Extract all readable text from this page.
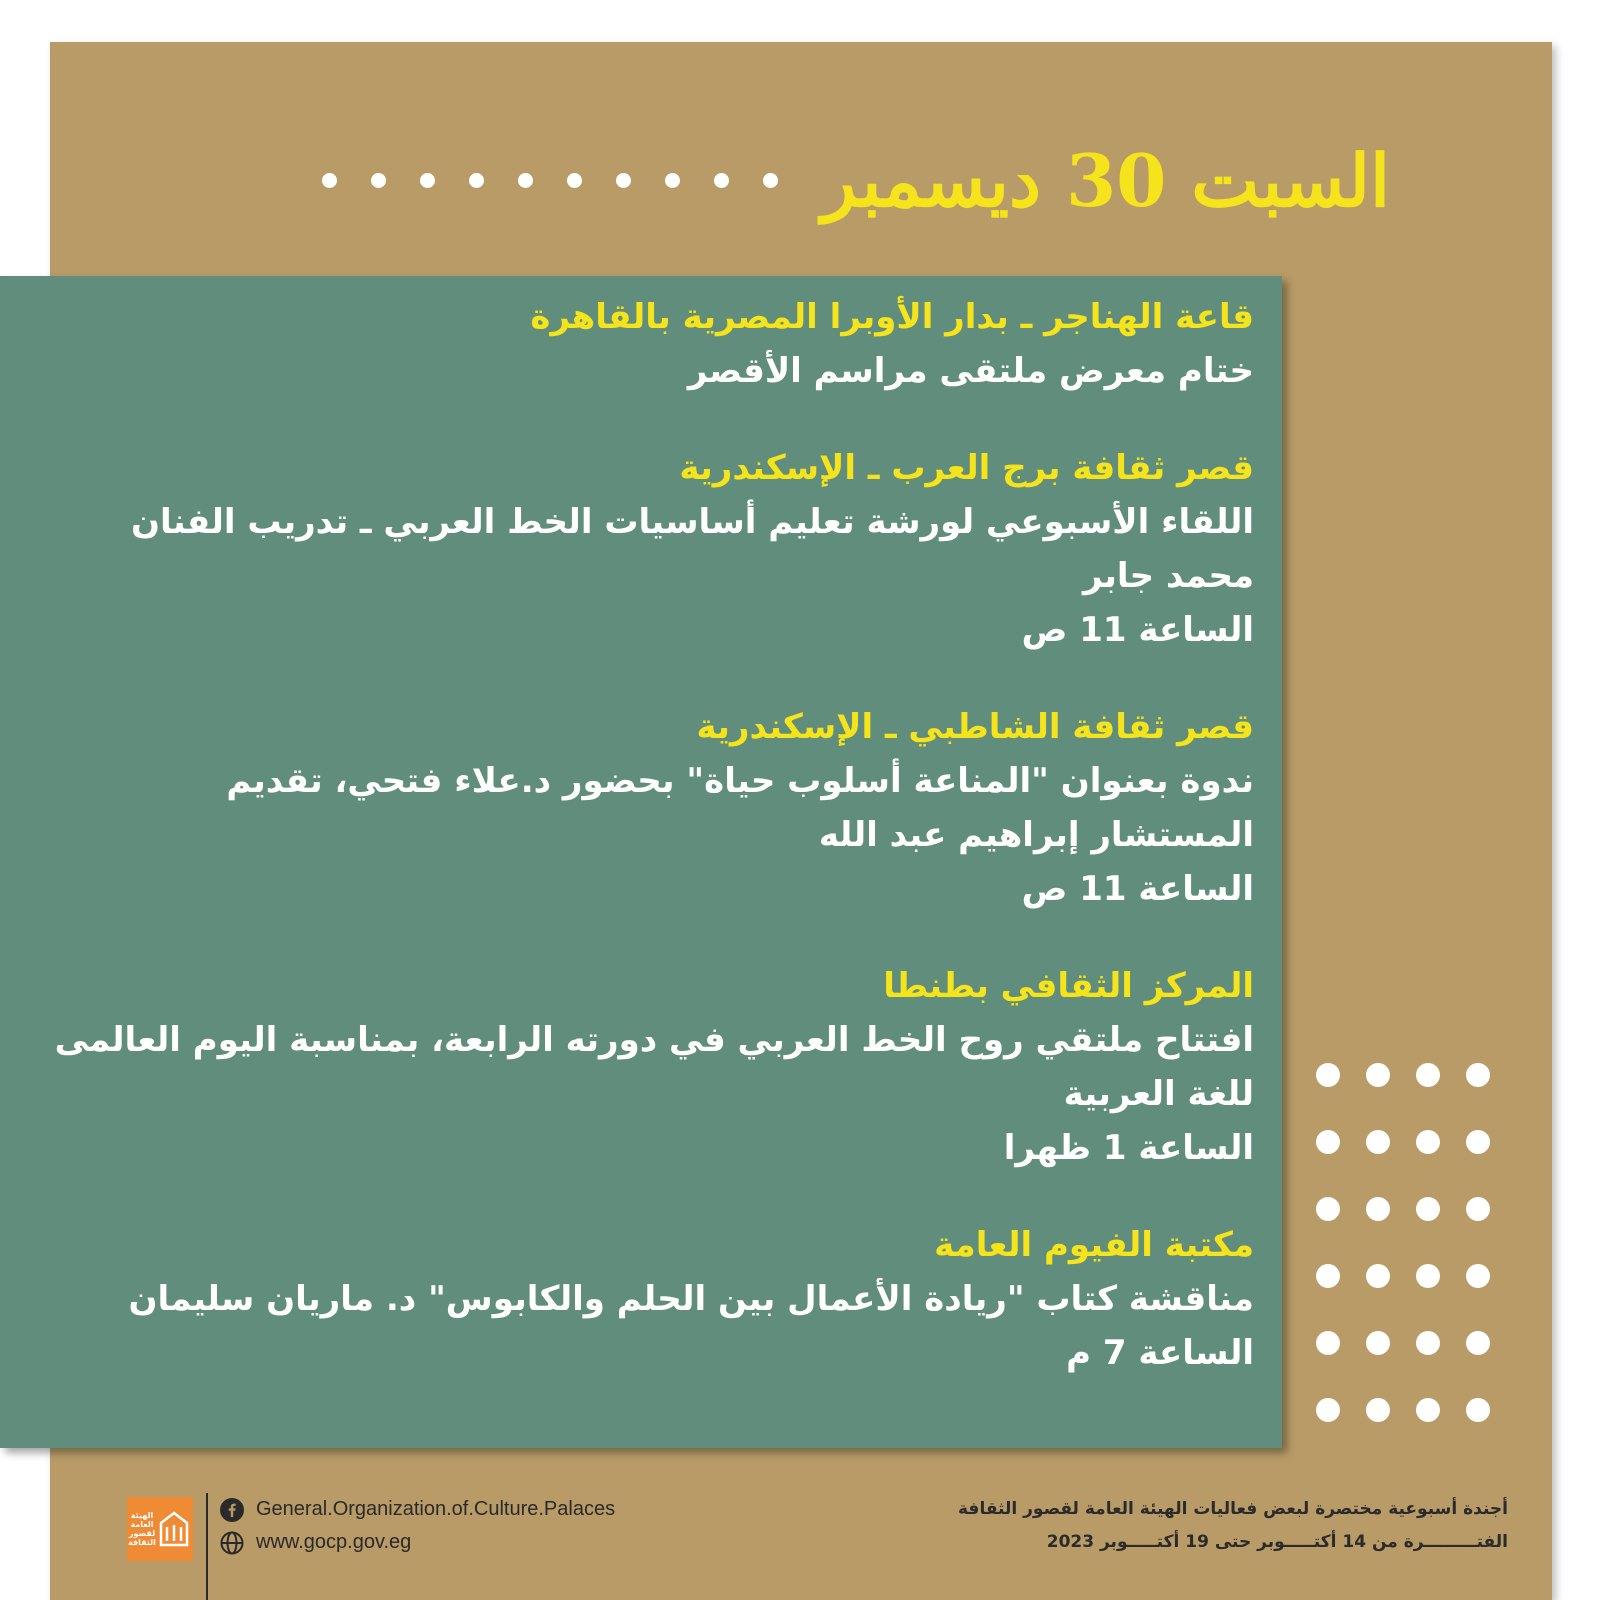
السبت 30 ديسمبر
قاعة الهناجر ـ بدار الأوبرا المصرية بالقاهرة
ختام معرض ملتقى مراسم الأقصر
قصر ثقافة برج العرب ـ الإسكندرية
اللقاء الأسبوعي لورشة تعليم أساسيات الخط العربي ـ تدريب الفنان محمد جابر
الساعة 11 ص
قصر ثقافة الشاطبي ـ الإسكندرية
ندوة بعنوان "المناعة أسلوب حياة" بحضور د.علاء فتحي، تقديم المستشار إبراهيم عبد الله
الساعة 11 ص
المركز الثقافي بطنطا
افتتاح ملتقي روح الخط العربي في دورته الرابعة، بمناسبة اليوم العالمى للغة العربية
الساعة 1 ظهرا
مكتبة الفيوم العامة
مناقشة كتاب "ريادة الأعمال بين الحلم والكابوس" د. ماريان سليمان
الساعة 7 م
أجندة أسبوعية مختصرة لبعض فعاليات الهيئة العامة لقصور الثقافة
الفتـــــــــرة من 14 أكتـــــوبر حتى 19 أكتـــــوبر 2023
الهيئة العامة لقصور الثقافة
General.Organization.of.Culture.Palaces
www.gocp.gov.eg
